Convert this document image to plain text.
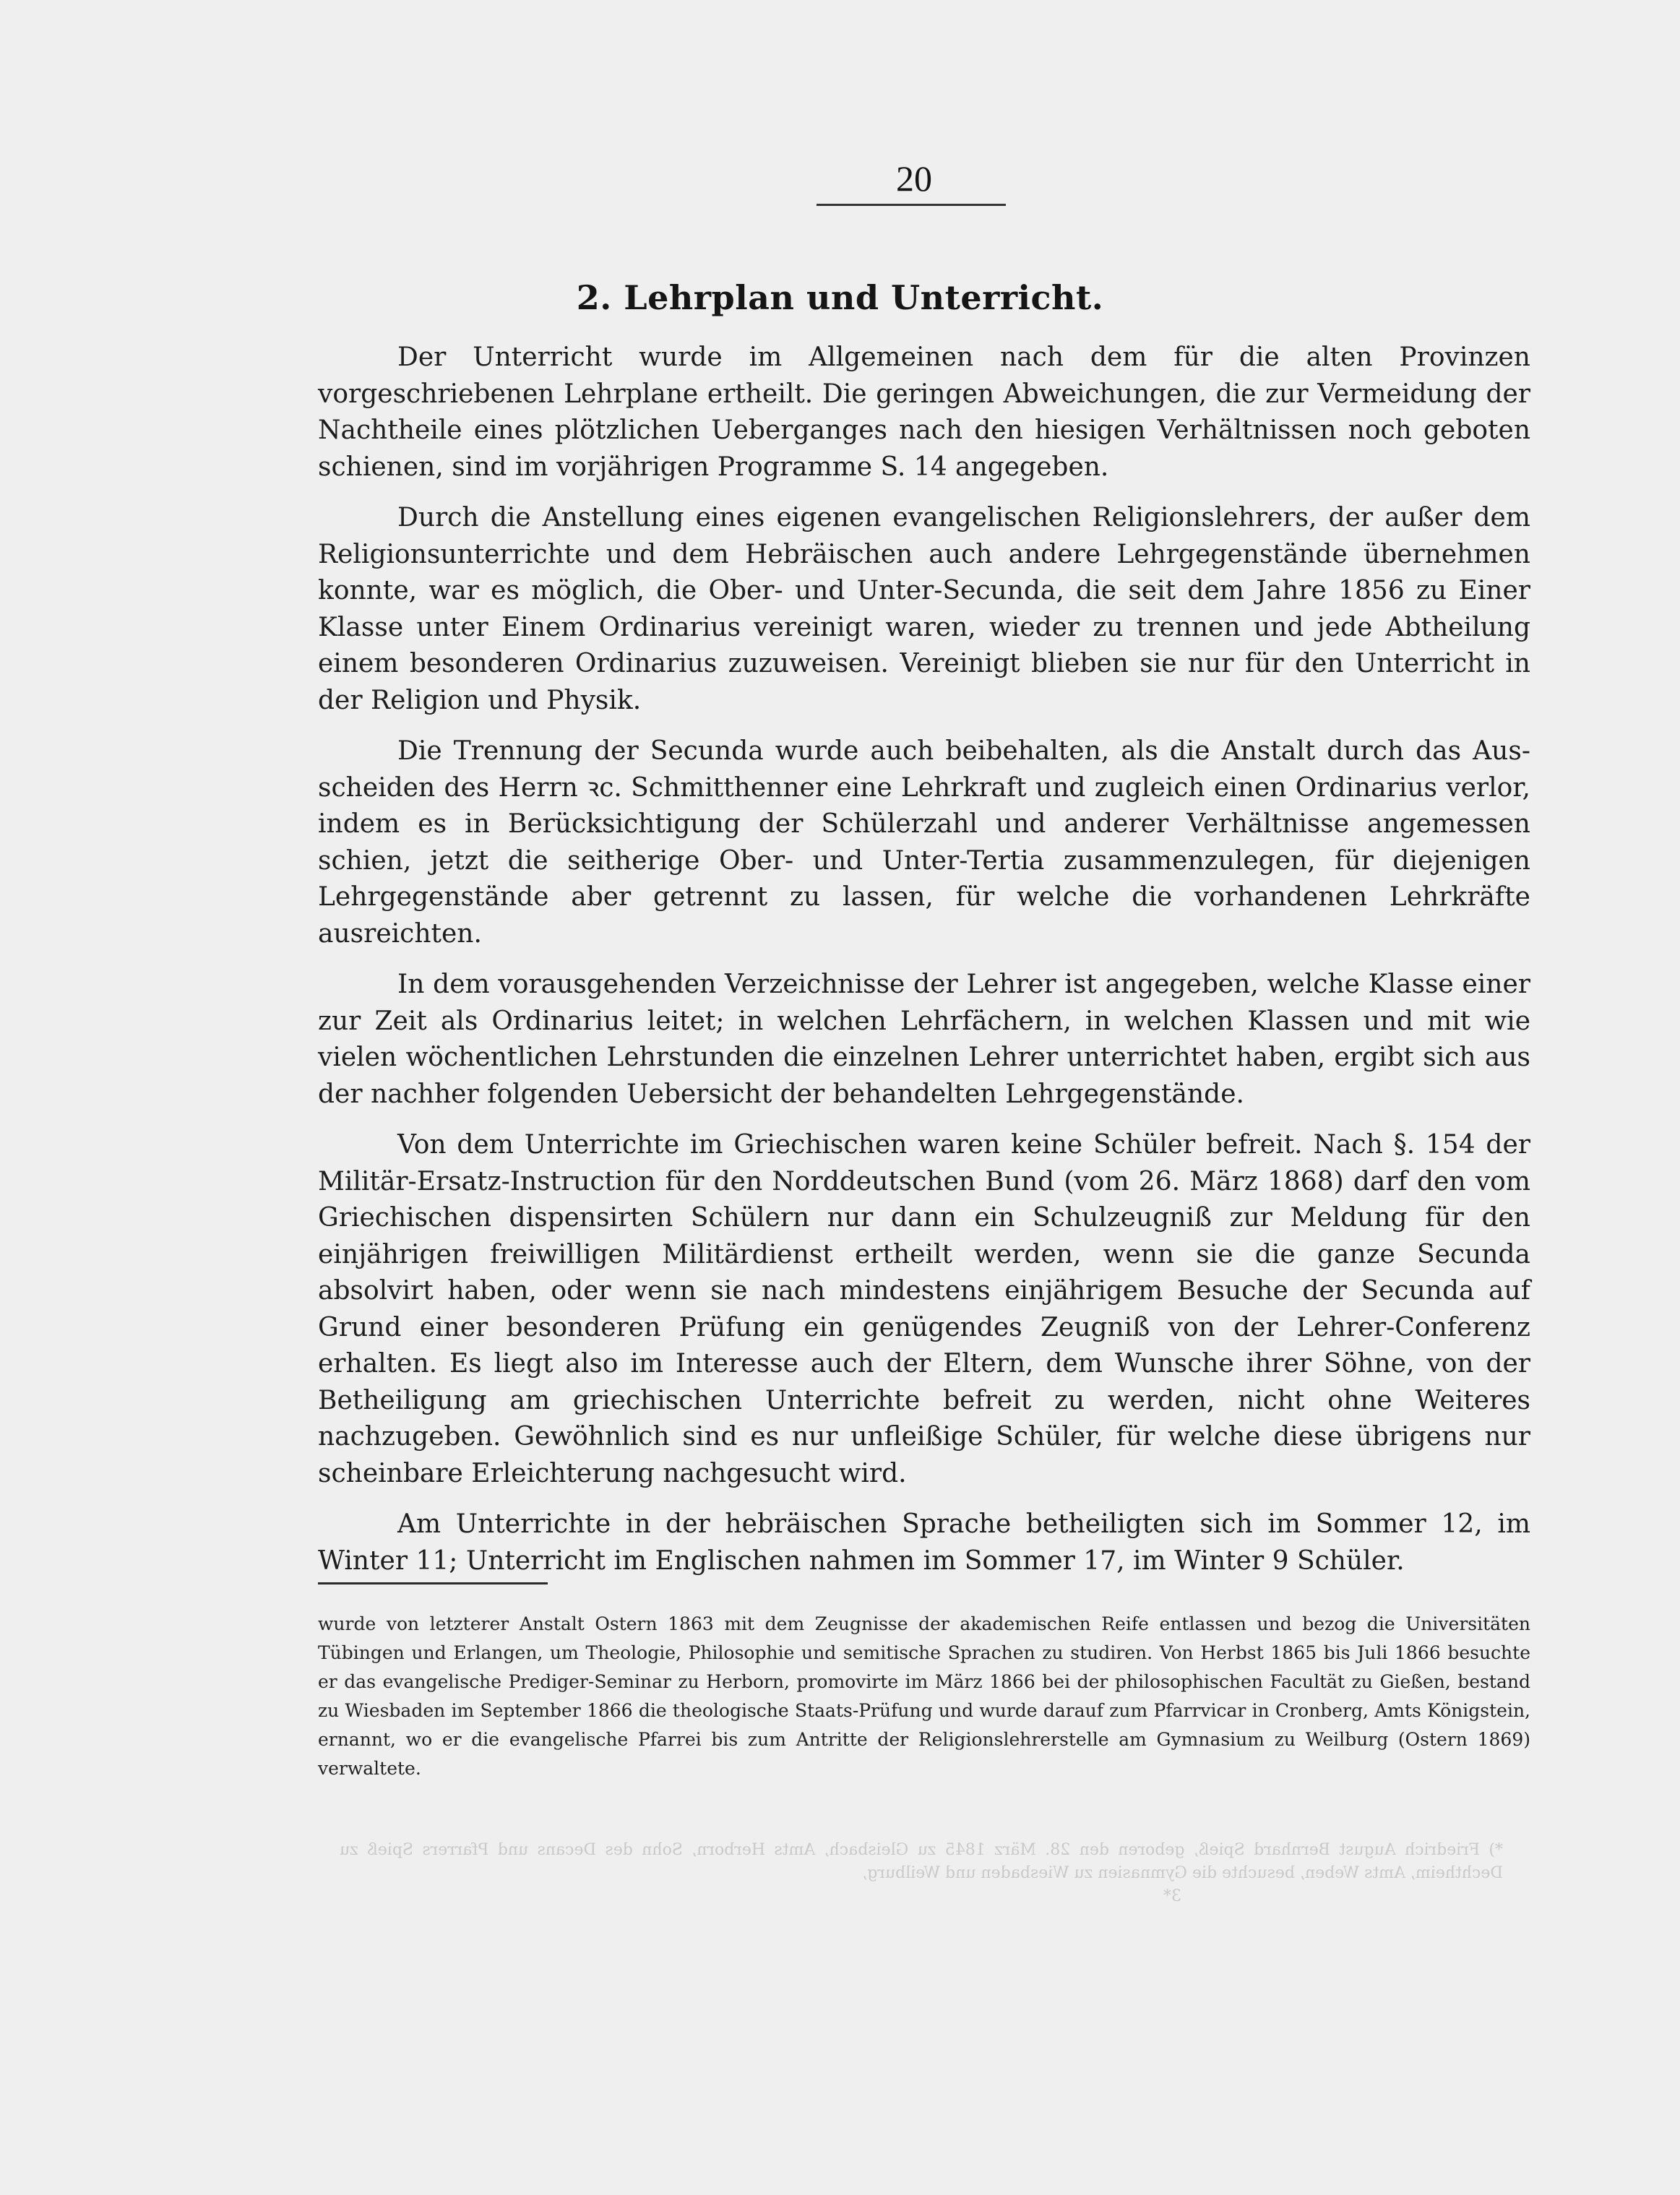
20
2. Lehrplan und Unterricht.

Der Unterricht wurde im Allgemeinen nach dem für die alten Provinzen vorgeschriebenen Lehrplane ertheilt. Die geringen Abweichungen, die zur Vermeidung der Nachtheile eines plötzlichen Ueberganges nach den hiesigen Verhältnissen noch geboten schienen, sind im vorjährigen Programme S. 14 angegeben.

Durch die Anstellung eines eigenen evangelischen Religionslehrers, der außer dem Religionsunterrichte und dem Hebräischen auch andere Lehrgegenstände übernehmen konnte, war es möglich, die Ober- und Unter-Secunda, die seit dem Jahre 1856 zu Einer Klasse unter Einem Ordinarius vereinigt waren, wieder zu trennen und jede Abtheilung einem besonderen Ordinarius zuzuweisen. Vereinigt blieben sie nur für den Unterricht in der Religion und Physik.

Die Trennung der Secunda wurde auch beibehalten, als die Anstalt durch das Ausscheiden des Herrn ꝛc. Schmitthenner eine Lehrkraft und zugleich einen Ordinarius verlor, indem es in Berücksichtigung der Schülerzahl und anderer Verhältnisse angemessen schien, jetzt die seitherige Ober- und Unter-Tertia zusammenzulegen, für diejenigen Lehrgegenstände aber getrennt zu lassen, für welche die vorhandenen Lehrkräfte ausreichten.

In dem vorausgehenden Verzeichnisse der Lehrer ist angegeben, welche Klasse einer zur Zeit als Ordinarius leitet; in welchen Lehrfächern, in welchen Klassen und mit wie vielen wöchentlichen Lehrstunden die einzelnen Lehrer unterrichtet haben, ergibt sich aus der nachher folgenden Uebersicht der behandelten Lehrgegenstände.

Von dem Unterrichte im Griechischen waren keine Schüler befreit. Nach §. 154 der Militär-Ersatz-Instruction für den Norddeutschen Bund (vom 26. März 1868) darf den vom Griechischen dispensirten Schülern nur dann ein Schulzeugniß zur Meldung für den einjährigen freiwilligen Militärdienst ertheilt werden, wenn sie die ganze Secunda absolvirt haben, oder wenn sie nach mindestens einjährigem Besuche der Secunda auf Grund einer besonderen Prüfung ein genügendes Zeugniß von der Lehrer-Conferenz erhalten. Es liegt also im Interesse auch der Eltern, dem Wunsche ihrer Söhne, von der Betheiligung am griechischen Unterrichte befreit zu werden, nicht ohne Weiteres nachzugeben. Gewöhnlich sind es nur unfleißige Schüler, für welche diese übrigens nur scheinbare Erleichterung nachgesucht wird.

Am Unterrichte in der hebräischen Sprache betheiligten sich im Sommer 12, im Winter 11; Unterricht im Englischen nahmen im Sommer 17, im Winter 9 Schüler.

wurde von letzterer Anstalt Ostern 1863 mit dem Zeugnisse der akademischen Reife entlassen und bezog die Universitäten Tübingen und Erlangen, um Theologie, Philosophie und semitische Sprachen zu studiren. Von Herbst 1865 bis Juli 1866 besuchte er das evangelische Prediger-Seminar zu Herborn, promovirte im März 1866 bei der philosophischen Facultät zu Gießen, bestand zu Wiesbaden im September 1866 die theologische Staats-Prüfung und wurde darauf zum Pfarrvicar in Cronberg, Amts Königstein, ernannt, wo er die evangelische Pfarrei bis zum Antritte der Religionslehrerstelle am Gymnasium zu Weilburg (Ostern 1869) verwaltete.
*) Friedrich August Bernhard Spieß, geboren den 28. März 1845 zu Gleisbach, Amts Herborn, Sohn des Decans und Pfarrers Spieß zu Dechtheim, Amts Weben, besuchte die Gymnasien zu Wiesbaden und Weilburg,
3*
